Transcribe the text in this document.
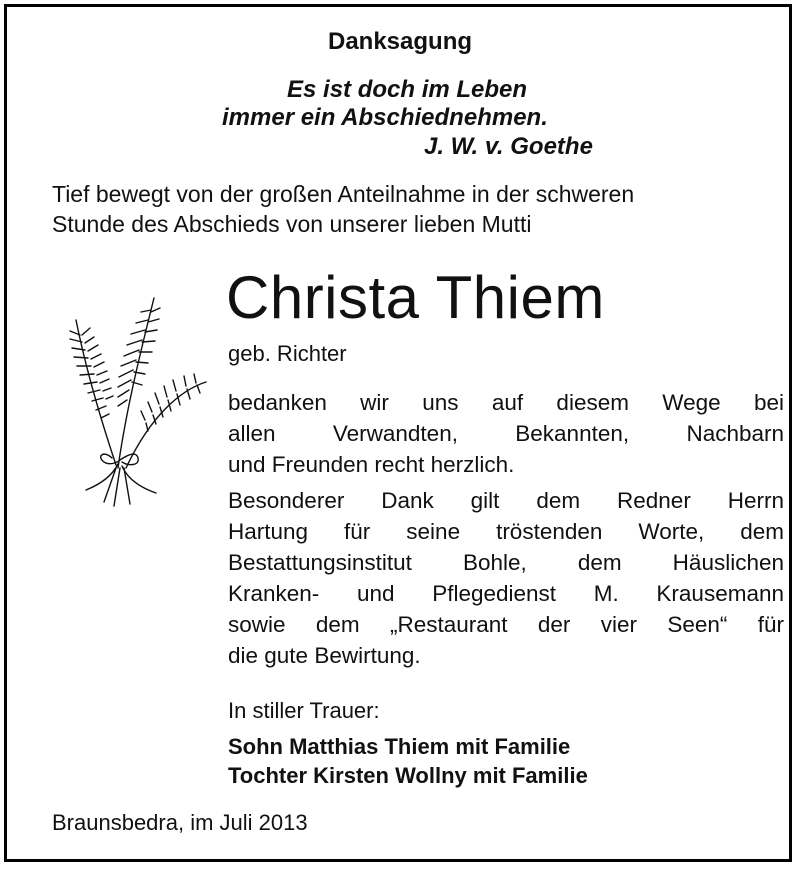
Danksagung

Es ist doch im Leben

immer ein Abschiednehmen.

J. W. v. Goethe

Tief bewegt von der großen Anteilnahme in der schweren

Stunde des Abschieds von unserer lieben Mutti

Christa Thiem

geb. Richter

bedanken wir uns auf diesem Wege bei

allen Verwandten, Bekannten, Nachbarn

und Freunden recht herzlich.

Besonderer Dank gilt dem Redner Herrn

Hartung für seine tröstenden Worte, dem

Bestattungsinstitut Bohle, dem Häuslichen

Kranken- und Pflegedienst M. Krausemann

sowie dem „Restaurant der vier Seen“ für

die gute Bewirtung.

In stiller Trauer:

Sohn Matthias Thiem mit Familie

Tochter Kirsten Wollny mit Familie

Braunsbedra, im Juli 2013
